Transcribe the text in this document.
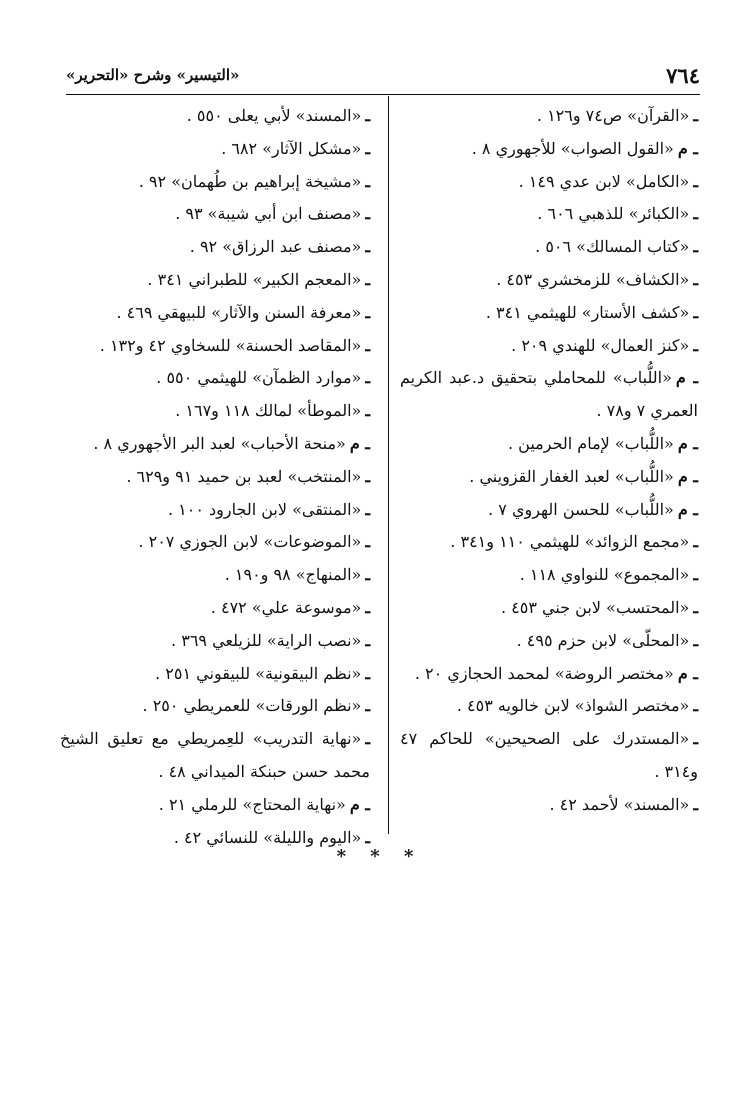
٧٦٤
«التيسير» وشرح «التحرير»
ـ«القرآن» ص٧٤ و١٢٦ .
ـ م«القول الصواب» للأجهوري ٨ .
ـ«الكامل» لابن عدي ١٤٩ .
ـ«الكبائر» للذهبي ٦٠٦ .
ـ«كتاب المسالك» ٥٠٦ .
ـ«الكشاف» للزمخشري ٤٥٣ .
ـ«كشف الأستار» للهيثمي ٣٤١ .
ـ«كنز العمال» للهندي ٢٠٩ .
ـ م«اللُّباب» للمحاملي بتحقيق د.عبد الكريم العمري ٧ و٧٨ .
ـ م«اللُّباب» لإمام الحرمين .
ـ م«اللُّباب» لعبد الغفار القزويني .
ـ م«اللُّباب» للحسن الهروي ٧ .
ـ«مجمع الزوائد» للهيثمي ١١٠ و٣٤١ .
ـ«المجموع» للنواوي ١١٨ .
ـ«المحتسب» لابن جني ٤٥٣ .
ـ«المحلّى» لابن حزم ٤٩٥ .
ـ م«مختصر الروضة» لمحمد الحجازي ٢٠ .
ـ«مختصر الشواذ» لابن خالويه ٤٥٣ .
ـ«المستدرك على الصحيحين» للحاكم ٤٧ و٣١٤ .
ـ«المسند» لأحمد ٤٢ .
ـ«المسند» لأبي يعلى ٥٥٠ .
ـ«مشكل الآثار» ٦٨٢ .
ـ«مشيخة إبراهيم بن طُهمان» ٩٢ .
ـ«مصنف ابن أبي شيبة» ٩٣ .
ـ«مصنف عبد الرزاق» ٩٢ .
ـ«المعجم الكبير» للطبراني ٣٤١ .
ـ«معرفة السنن والآثار» للبيهقي ٤٦٩ .
ـ«المقاصد الحسنة» للسخاوي ٤٢ و١٣٢ .
ـ«موارد الظمآن» للهيثمي ٥٥٠ .
ـ«الموطأ» لمالك ١١٨ و١٦٧ .
ـ م«منحة الأحباب» لعبد البر الأجهوري ٨ .
ـ«المنتخب» لعبد بن حميد ٩١ و٦٢٩ .
ـ«المنتقى» لابن الجارود ١٠٠ .
ـ«الموضوعات» لابن الجوزي ٢٠٧ .
ـ«المنهاج» ٩٨ و١٩٠ .
ـ«موسوعة علي» ٤٧٢ .
ـ«نصب الراية» للزيلعي ٣٦٩ .
ـ«نظم البيقونية» للبيقوني ٢٥١ .
ـ«نظم الورقات» للعمريطي ٢٥٠ .
ـ«نهاية التدريب» للعِمريطي مع تعليق الشيخ محمد حسن حبنكة الميداني ٤٨ .
ـ م«نهاية المحتاج» للرملي ٢١ .
ـ«اليوم والليلة» للنسائي ٤٢ .
* * *
